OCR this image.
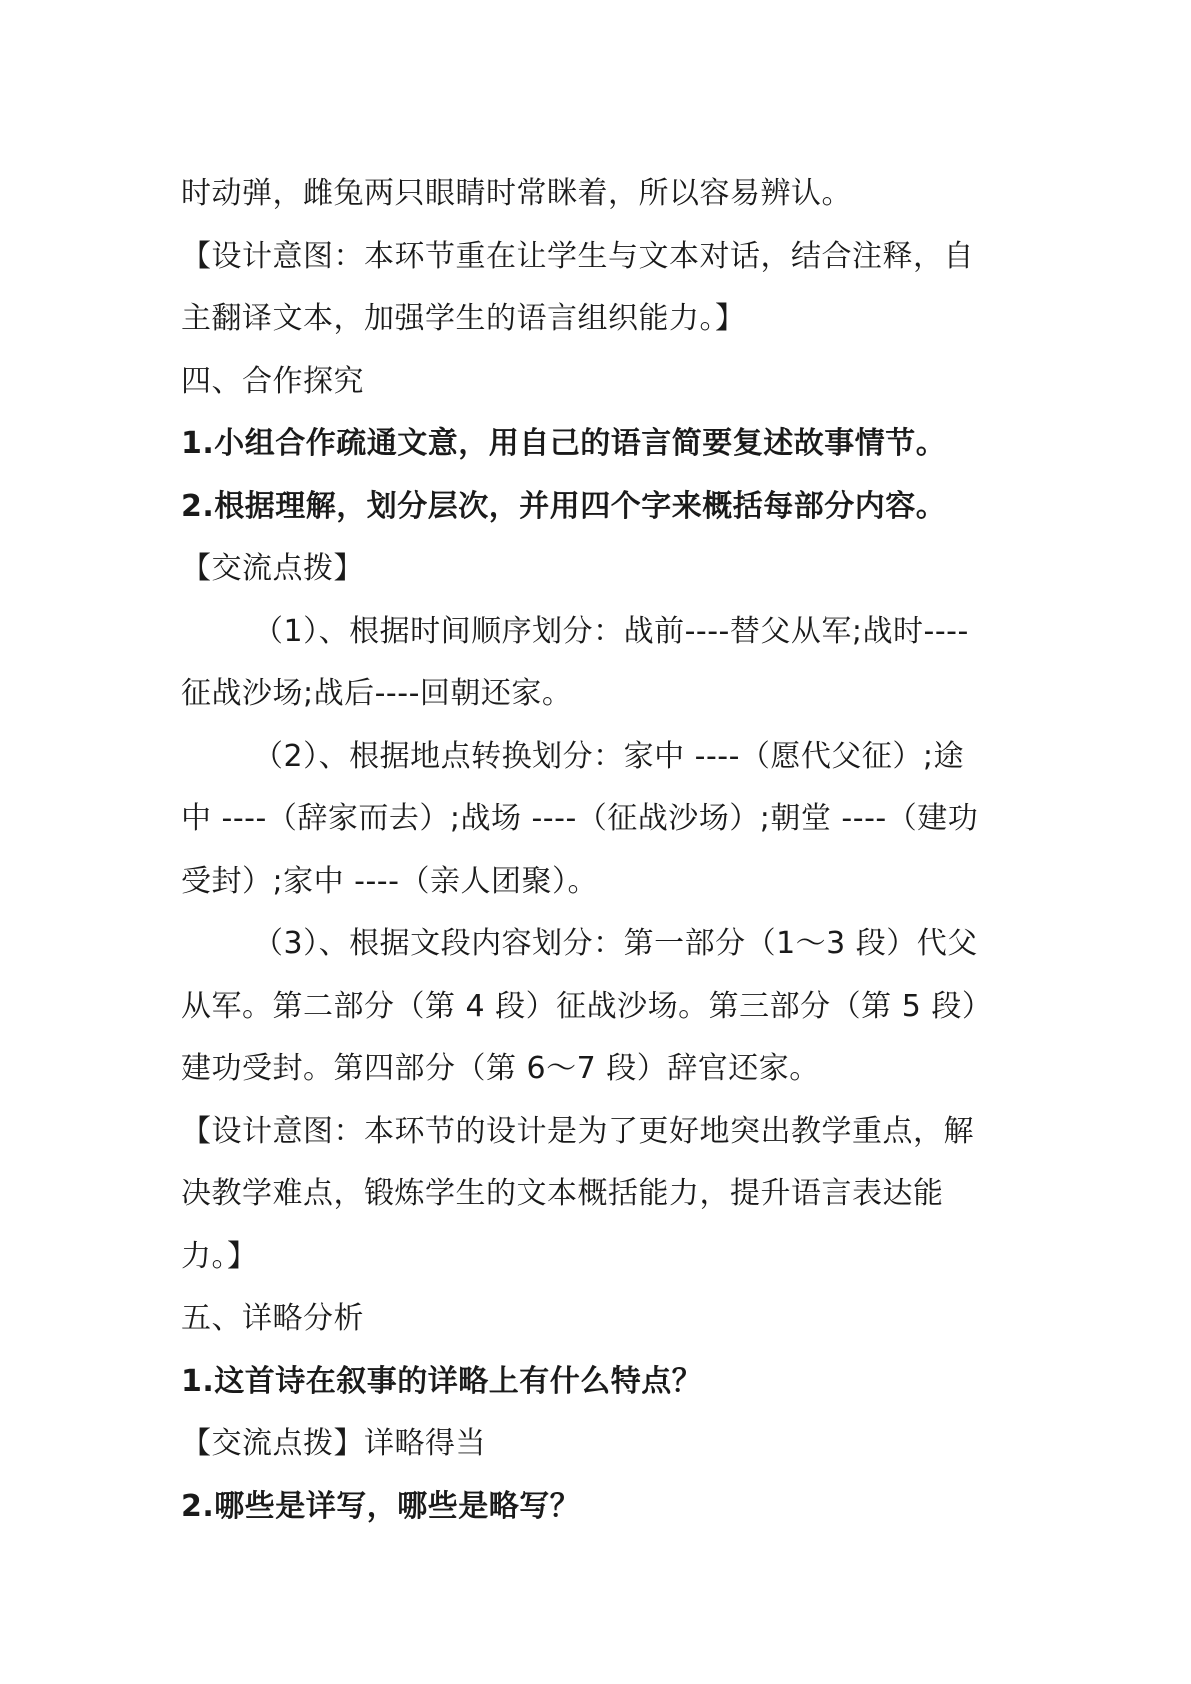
时动弹，雌兔两只眼睛时常眯着，所以容易辨认。
【设计意图：本环节重在让学生与文本对话，结合注释，自
主翻译文本，加强学生的语言组织能力。】
四、合作探究
1.小组合作疏通文意，用自己的语言简要复述故事情节。
2.根据理解，划分层次，并用四个字来概括每部分内容。
【交流点拨】
（1）、根据时间顺序划分：战前----替父从军;战时----
征战沙场;战后----回朝还家。
（2）、根据地点转换划分：家中 ----（愿代父征）;途
中 ----（辞家而去）;战场 ----（征战沙场）;朝堂 ----（建功
受封）;家中 ----（亲人团聚）。
（3）、根据文段内容划分：第一部分（1～3 段）代父
从军。第二部分（第 4 段）征战沙场。第三部分（第 5 段）
建功受封。第四部分（第 6～7 段）辞官还家。
【设计意图：本环节的设计是为了更好地突出教学重点，解
决教学难点，锻炼学生的文本概括能力，提升语言表达能
力。】
五、详略分析
1.这首诗在叙事的详略上有什么特点？
【交流点拨】详略得当
2.哪些是详写，哪些是略写？
